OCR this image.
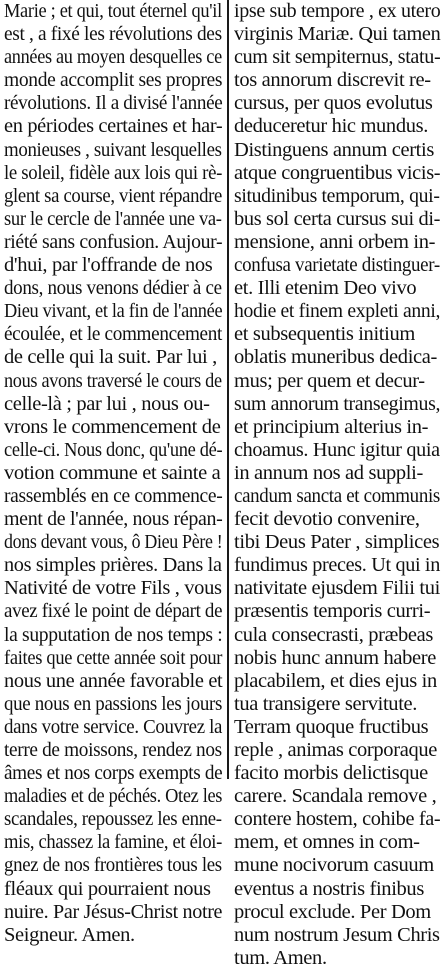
Marie ; et qui, tout éternel qu'il
est , a fixé les révolutions des
années au moyen desquelles ce
monde accomplit ses propres
révolutions. Il a divisé l'année
en périodes certaines et har-
monieuses , suivant lesquelles
le soleil, fidèle aux lois qui rè-
glent sa course, vient répandre
sur le cercle de l'année une va-
riété sans confusion. Aujour-
d'hui, par l'offrande de nos
dons, nous venons dédier à ce
Dieu vivant, et la fin de l'année
écoulée, et le commencement
de celle qui la suit. Par lui ,
nous avons traversé le cours de
celle-là ; par lui , nous ou-
vrons le commencement de
celle-ci. Nous donc, qu'une dé-
votion commune et sainte a
rassemblés en ce commence-
ment de l'année, nous répan-
dons devant vous, ô Dieu Père !
nos simples prières. Dans la
Nativité de votre Fils , vous
avez fixé le point de départ de
la supputation de nos temps :
faites que cette année soit pour
nous une année favorable et
que nous en passions les jours
dans votre service. Couvrez la
terre de moissons, rendez nos
âmes et nos corps exempts de
maladies et de péchés. Otez les
scandales, repoussez les enne-
mis, chassez la famine, et éloi-
gnez de nos frontières tous les
fléaux qui pourraient nous
nuire. Par Jésus-Christ notre
Seigneur. Amen.
ipse sub tempore , ex utero
virginis Mariæ. Qui tamen
cum sit sempiternus, statu-
tos annorum discrevit re-
cursus, per quos evolutus
deduceretur hic mundus.
Distinguens annum certis
atque congruentibus vicis-
situdinibus temporum, qui-
bus sol certa cursus sui di-
mensione, anni orbem in-
confusa varietate distinguer-
et. Illi etenim Deo vivo
hodie et finem expleti anni,
et subsequentis initium
oblatis muneribus dedica-
mus; per quem et decur-
sum annorum transegimus,
et principium alterius in-
choamus. Hunc igitur quia
in annum nos ad suppli-
candum sancta et communis
fecit devotio convenire,
tibi Deus Pater , simplices
fundimus preces. Ut qui in
nativitate ejusdem Filii tui
præsentis temporis curri-
cula consecrasti, præbeas
nobis hunc annum habere
placabilem, et dies ejus in
tua transigere servitute.
Terram quoque fructibus
reple , animas corporaque
facito morbis delictisque
carere. Scandala remove ,
contere hostem, cohibe fa-
mem, et omnes in com-
mune nocivorum casuum
eventus a nostris finibus
procul exclude. Per Dom
num nostrum Jesum Chris
tum. Amen.
